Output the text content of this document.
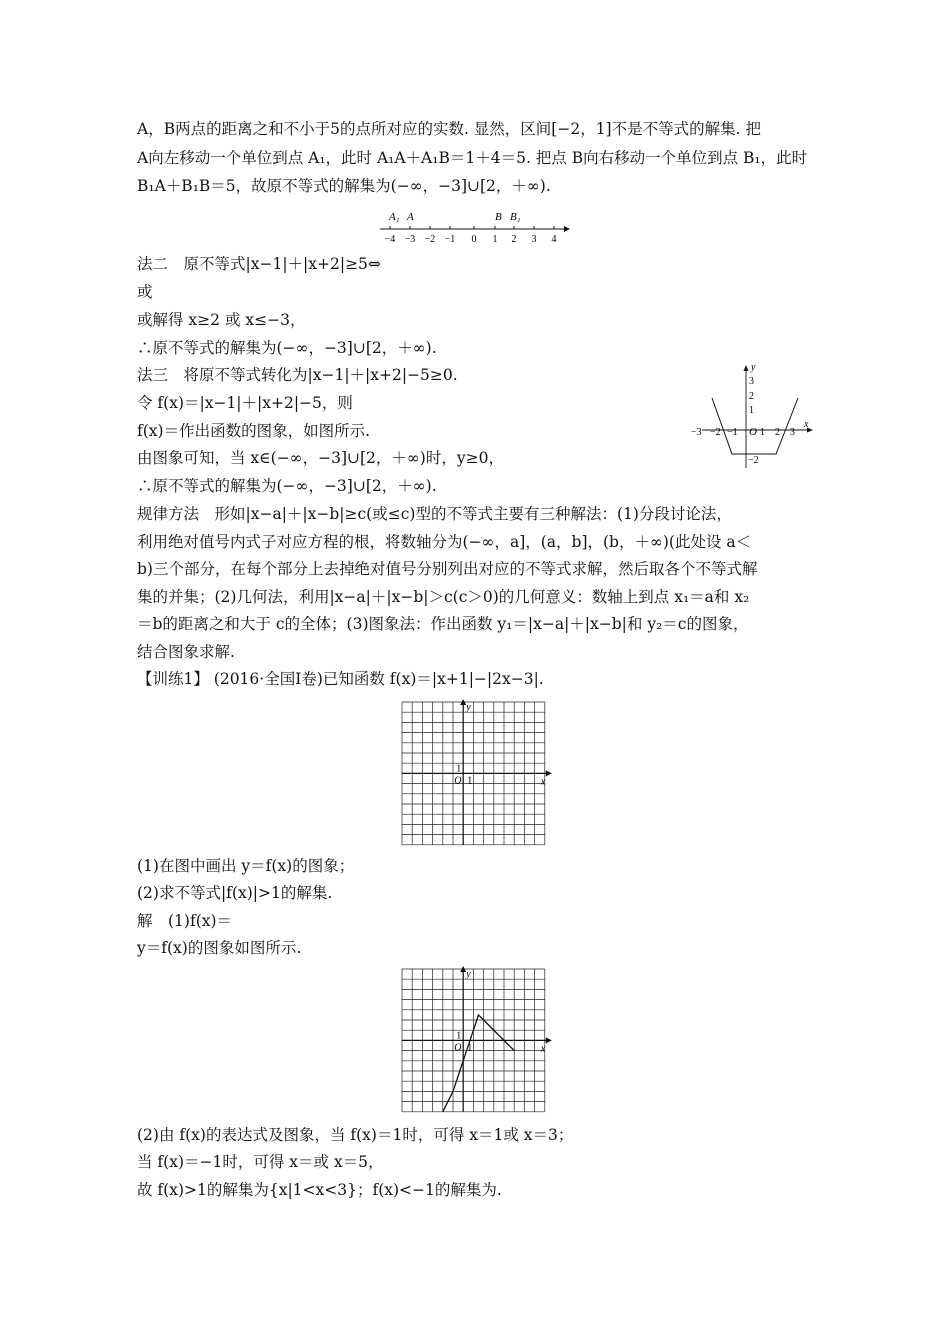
A，B两点的距离之和不小于5的点所对应的实数. 显然，区间[−2，1]不是不等式的解集. 把
A向左移动一个单位到点 A₁，此时 A₁A＋A₁B＝1＋4＝5. 把点 B向右移动一个单位到点 B₁，此时
B₁A＋B₁B＝5，故原不等式的解集为(−∞，−3]∪[2，＋∞).
A₁ A	B B₁
−4 −3 −2 −1 0 1 2 3 4
法二　原不等式|x−1|＋|x+2|≥5⇔
或
或解得 x≥2 或 x≤−3，
∴原不等式的解集为(−∞，−3]∪[2，＋∞).
法三　将原不等式转化为|x−1|＋|x+2|−5≥0.
令 f(x)＝|x−1|＋|x+2|−5，则
f(x)＝作出函数的图象，如图所示.
由图象可知，当 x∈(−∞，−3]∪[2，＋∞)时，y≥0，
∴原不等式的解集为(−∞，−3]∪[2，＋∞).
y
x
3
2
1
−2
−3 −2 −1 O 1 2 3
规律方法　形如|x−a|＋|x−b|≥c(或≤c)型的不等式主要有三种解法：(1)分段讨论法，
利用绝对值号内式子对应方程的根，将数轴分为(−∞，a]，(a，b]，(b，＋∞)(此处设 a＜
b)三个部分，在每个部分上去掉绝对值号分别列出对应的不等式求解，然后取各个不等式解
集的并集；(2)几何法，利用|x−a|＋|x−b|＞c(c＞0)的几何意义：数轴上到点 x₁＝a和 x₂
＝b的距离之和大于 c的全体；(3)图象法：作出函数 y₁＝|x−a|＋|x−b|和 y₂＝c的图象，
结合图象求解.
【训练1】 (2016·全国Ⅰ卷)已知函数 f(x)＝|x+1|−|2x−3|.
y
x
O 1
1
(1)在图中画出 y＝f(x)的图象；
(2)求不等式|f(x)|>1的解集.
解　(1)f(x)＝
y＝f(x)的图象如图所示.
y
x
O 1
1
(2)由 f(x)的表达式及图象，当 f(x)＝1时，可得 x＝1或 x＝3；
当 f(x)＝−1时，可得 x＝或 x＝5，
故 f(x)>1的解集为{x|1<x<3}；f(x)<−1的解集为.
